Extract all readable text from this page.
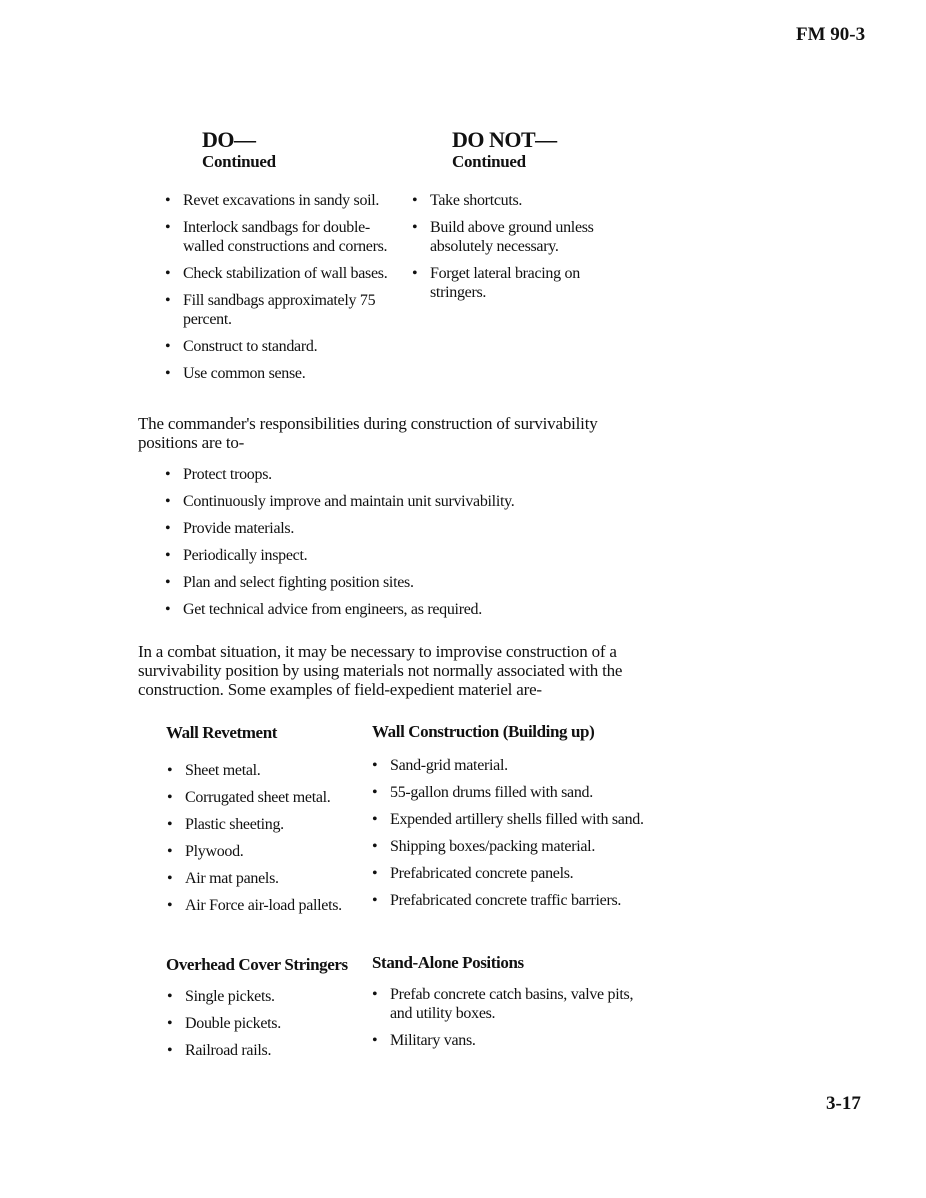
FM 90-3
DO—
Continued
• Revet excavations in sandy soil.
• Interlock sandbags for double-walled constructions and corners.
• Check stabilization of wall bases.
• Fill sandbags approximately 75 percent.
• Construct to standard.
• Use common sense.
DO NOT—
Continued
• Take shortcuts.
• Build above ground unless absolutely necessary.
• Forget lateral bracing on stringers.
The commander's responsibilities during construction of survivability positions are to-
• Protect troops.
• Continuously improve and maintain unit survivability.
• Provide materials.
• Periodically inspect.
• Plan and select fighting position sites.
• Get technical advice from engineers, as required.
In a combat situation, it may be necessary to improvise construction of a survivability position by using materials not normally associated with the construction. Some examples of field-expedient materiel are-
Wall Revetment
• Sheet metal.
• Corrugated sheet metal.
• Plastic sheeting.
• Plywood.
• Air mat panels.
• Air Force air-load pallets.
Wall Construction (Building up)
• Sand-grid material.
• 55-gallon drums filled with sand.
• Expended artillery shells filled with sand.
• Shipping boxes/packing material.
• Prefabricated concrete panels.
• Prefabricated concrete traffic barriers.
Overhead Cover Stringers
• Single pickets.
• Double pickets.
• Railroad rails.
Stand-Alone Positions
• Prefab concrete catch basins, valve pits, and utility boxes.
• Military vans.
3-17
